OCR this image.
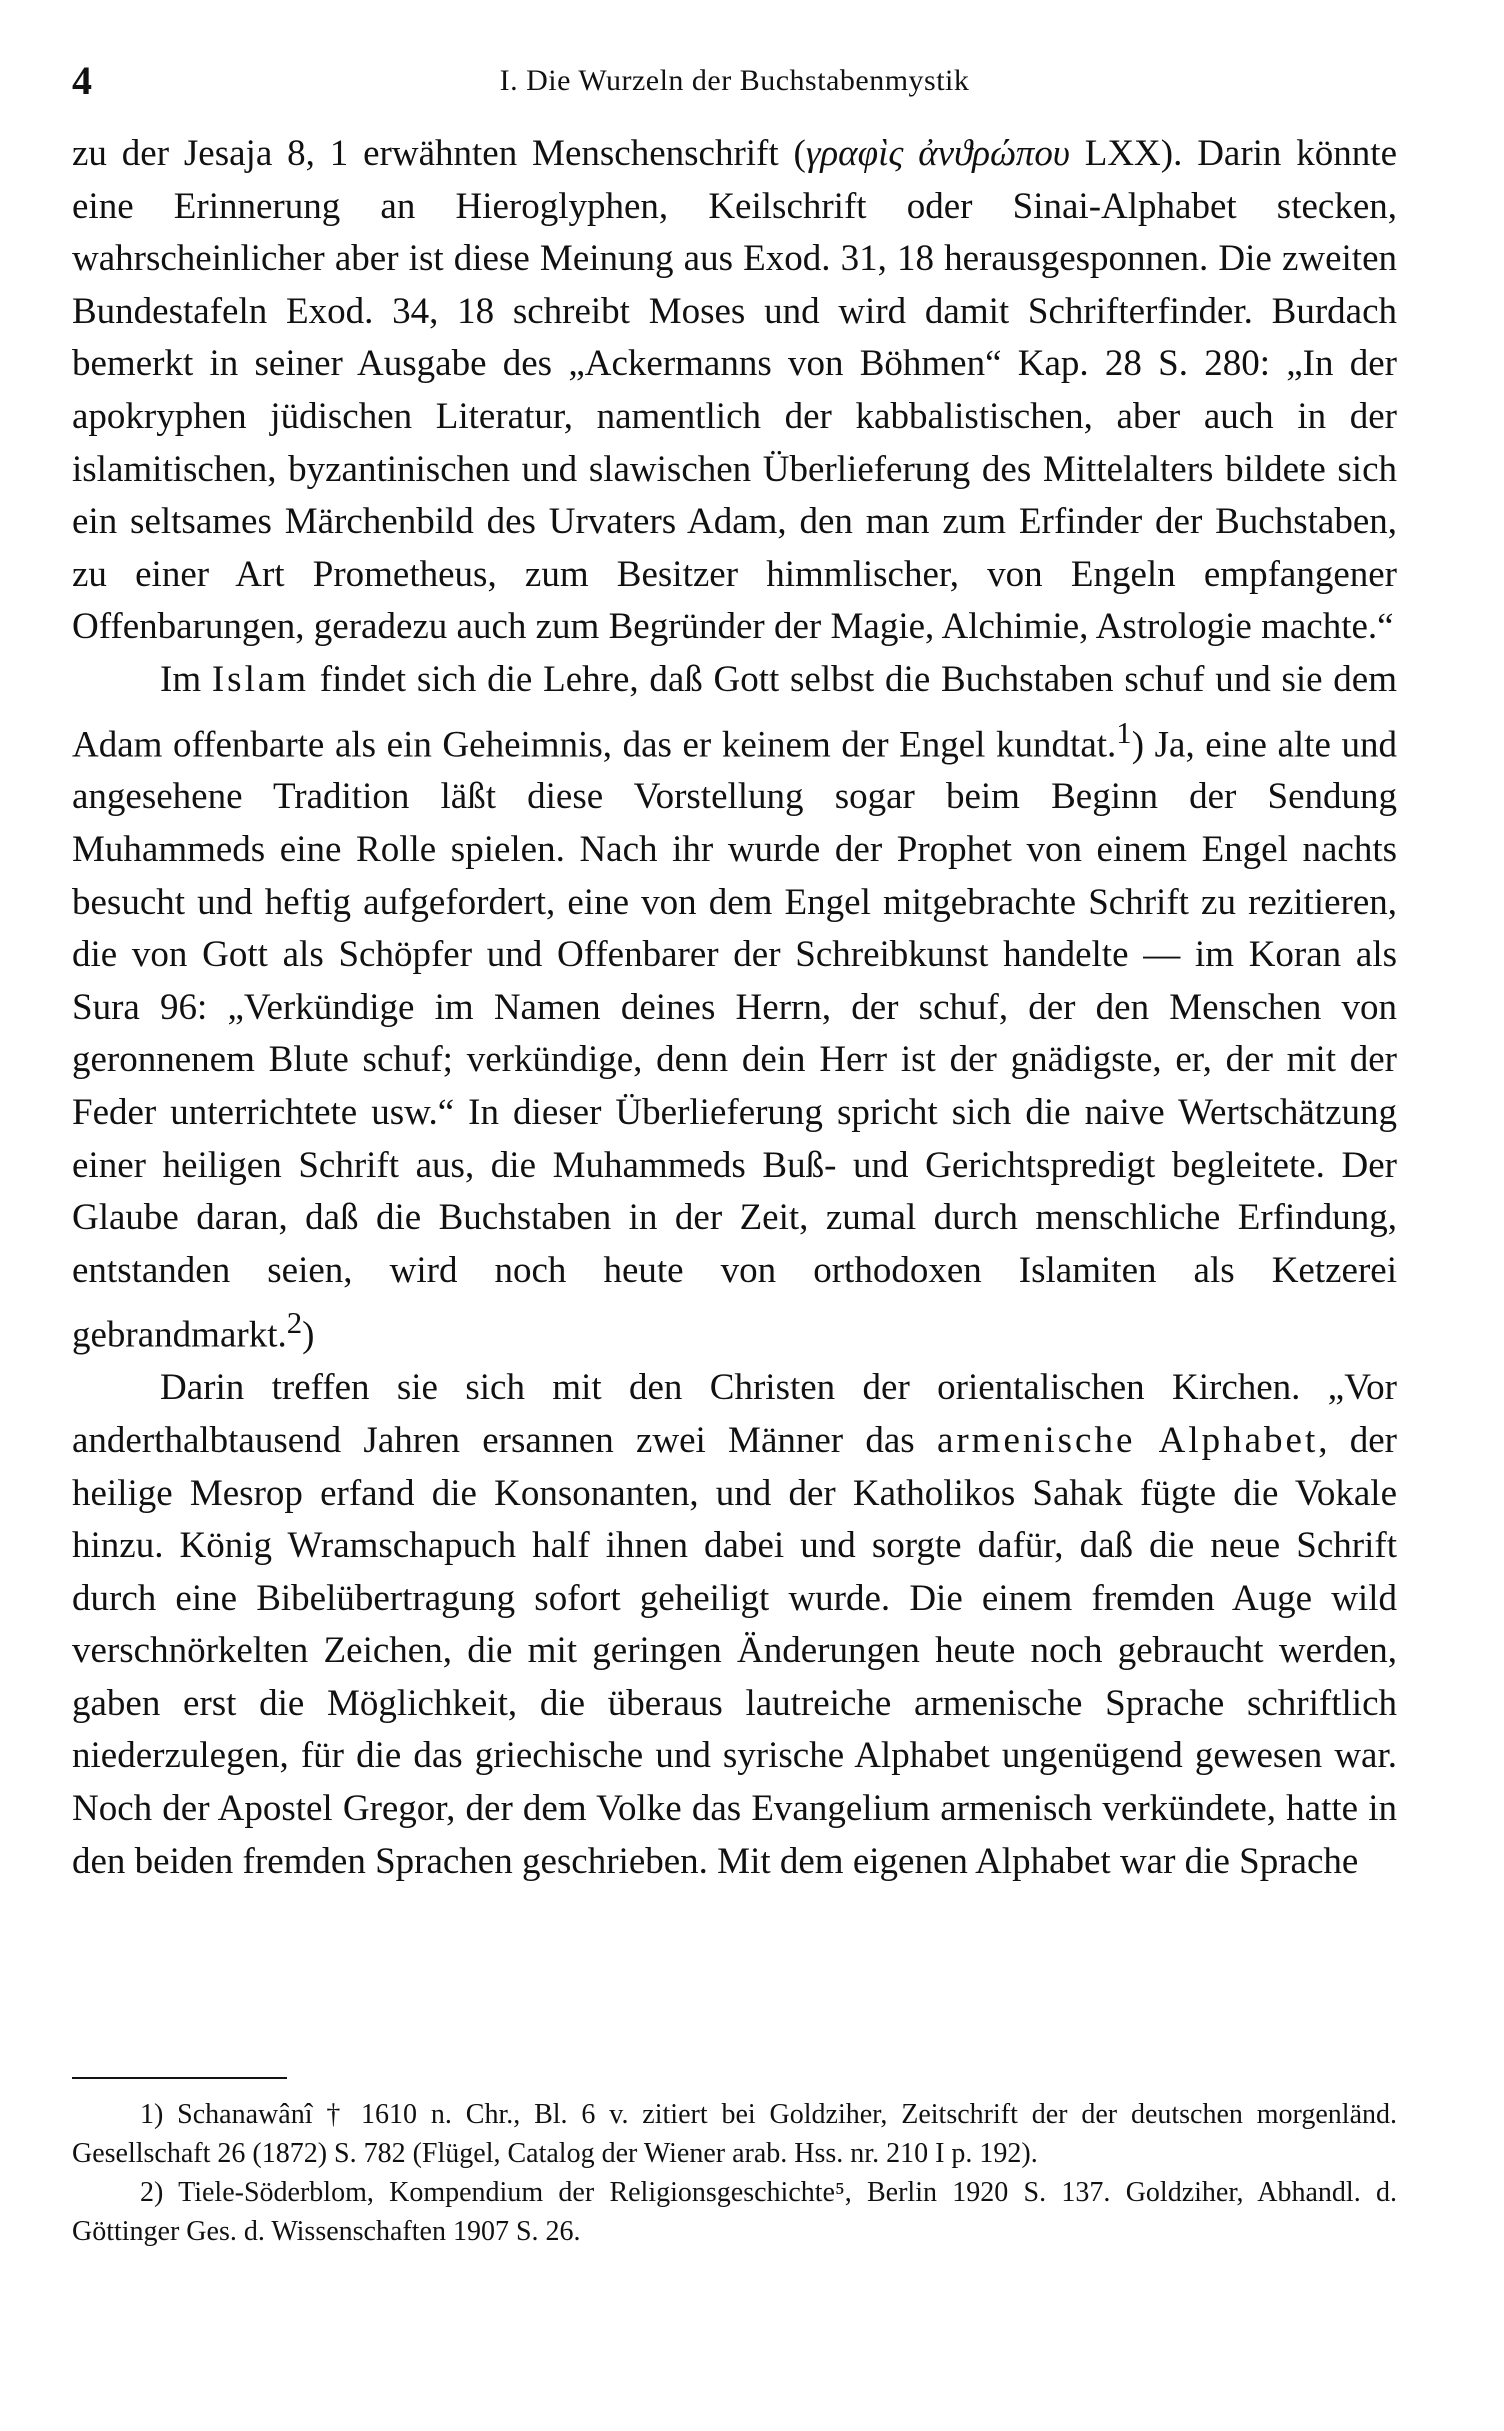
4	I. Die Wurzeln der Buchstabenmystik

zu der Jesaja 8, 1 erwähnten Menschenschrift (γραφὶς ἀνϑρώπου LXX). Darin könnte eine Erinnerung an Hieroglyphen, Keilschrift oder Sinai-Alphabet stecken, wahrscheinlicher aber ist diese Meinung aus Exod. 31, 18 herausgesponnen. Die zweiten Bundestafeln Exod. 34, 18 schreibt Moses und wird damit Schrifterfinder. Burdach bemerkt in seiner Ausgabe des „Ackermanns von Böhmen“ Kap. 28 S. 280: „In der apokryphen jüdischen Literatur, namentlich der kabbalistischen, aber auch in der islamitischen, byzantinischen und slawischen Überlieferung des Mittelalters bildete sich ein seltsames Märchenbild des Urvaters Adam, den man zum Erfinder der Buchstaben, zu einer Art Prometheus, zum Besitzer himmlischer, von Engeln empfangener Offenbarungen, geradezu auch zum Begründer der Magie, Alchimie, Astrologie machte.“

Im Islam findet sich die Lehre, daß Gott selbst die Buchstaben schuf und sie dem Adam offenbarte als ein Geheimnis, das er keinem der Engel kundtat.$^1$) Ja, eine alte und angesehene Tradition läßt diese Vorstellung sogar beim Beginn der Sendung Muhammeds eine Rolle spielen. Nach ihr wurde der Prophet von einem Engel nachts besucht und heftig aufgefordert, eine von dem Engel mitgebrachte Schrift zu rezitieren, die von Gott als Schöpfer und Offenbarer der Schreibkunst handelte — im Koran als Sura 96: „Verkündige im Namen deines Herrn, der schuf, der den Menschen von geronnenem Blute schuf; verkündige, denn dein Herr ist der gnädigste, er, der mit der Feder unterrichtete usw.“ In dieser Überlieferung spricht sich die naive Wertschätzung einer heiligen Schrift aus, die Muhammeds Buß- und Gerichtspredigt begleitete. Der Glaube daran, daß die Buchstaben in der Zeit, zumal durch menschliche Erfindung, entstanden seien, wird noch heute von orthodoxen Islamiten als Ketzerei gebrandmarkt.$^2$)

Darin treffen sie sich mit den Christen der orientalischen Kirchen. „Vor anderthalbtausend Jahren ersannen zwei Männer das armenische Alphabet, der heilige Mesrop erfand die Konsonanten, und der Katholikos Sahak fügte die Vokale hinzu. König Wramschapuch half ihnen dabei und sorgte dafür, daß die neue Schrift durch eine Bibelübertragung sofort geheiligt wurde. Die einem fremden Auge wild verschnörkelten Zeichen, die mit geringen Änderungen heute noch gebraucht werden, gaben erst die Möglichkeit, die überaus lautreiche armenische Sprache schriftlich niederzulegen, für die das griechische und syrische Alphabet ungenügend gewesen war. Noch der Apostel Gregor, der dem Volke das Evangelium armenisch verkündete, hatte in den beiden fremden Sprachen geschrieben. Mit dem eigenen Alphabet war die Sprache

1) Schanawânî † 1610 n. Chr., Bl. 6 v. zitiert bei Goldziher, Zeitschrift der der deutschen morgenländ. Gesellschaft 26 (1872) S. 782 (Flügel, Catalog der Wiener arab. Hss. nr. 210 I p. 192).

2) Tiele-Söderblom, Kompendium der Religionsgeschichte⁵, Berlin 1920 S. 137. Goldziher, Abhandl. d. Göttinger Ges. d. Wissenschaften 1907 S. 26.
